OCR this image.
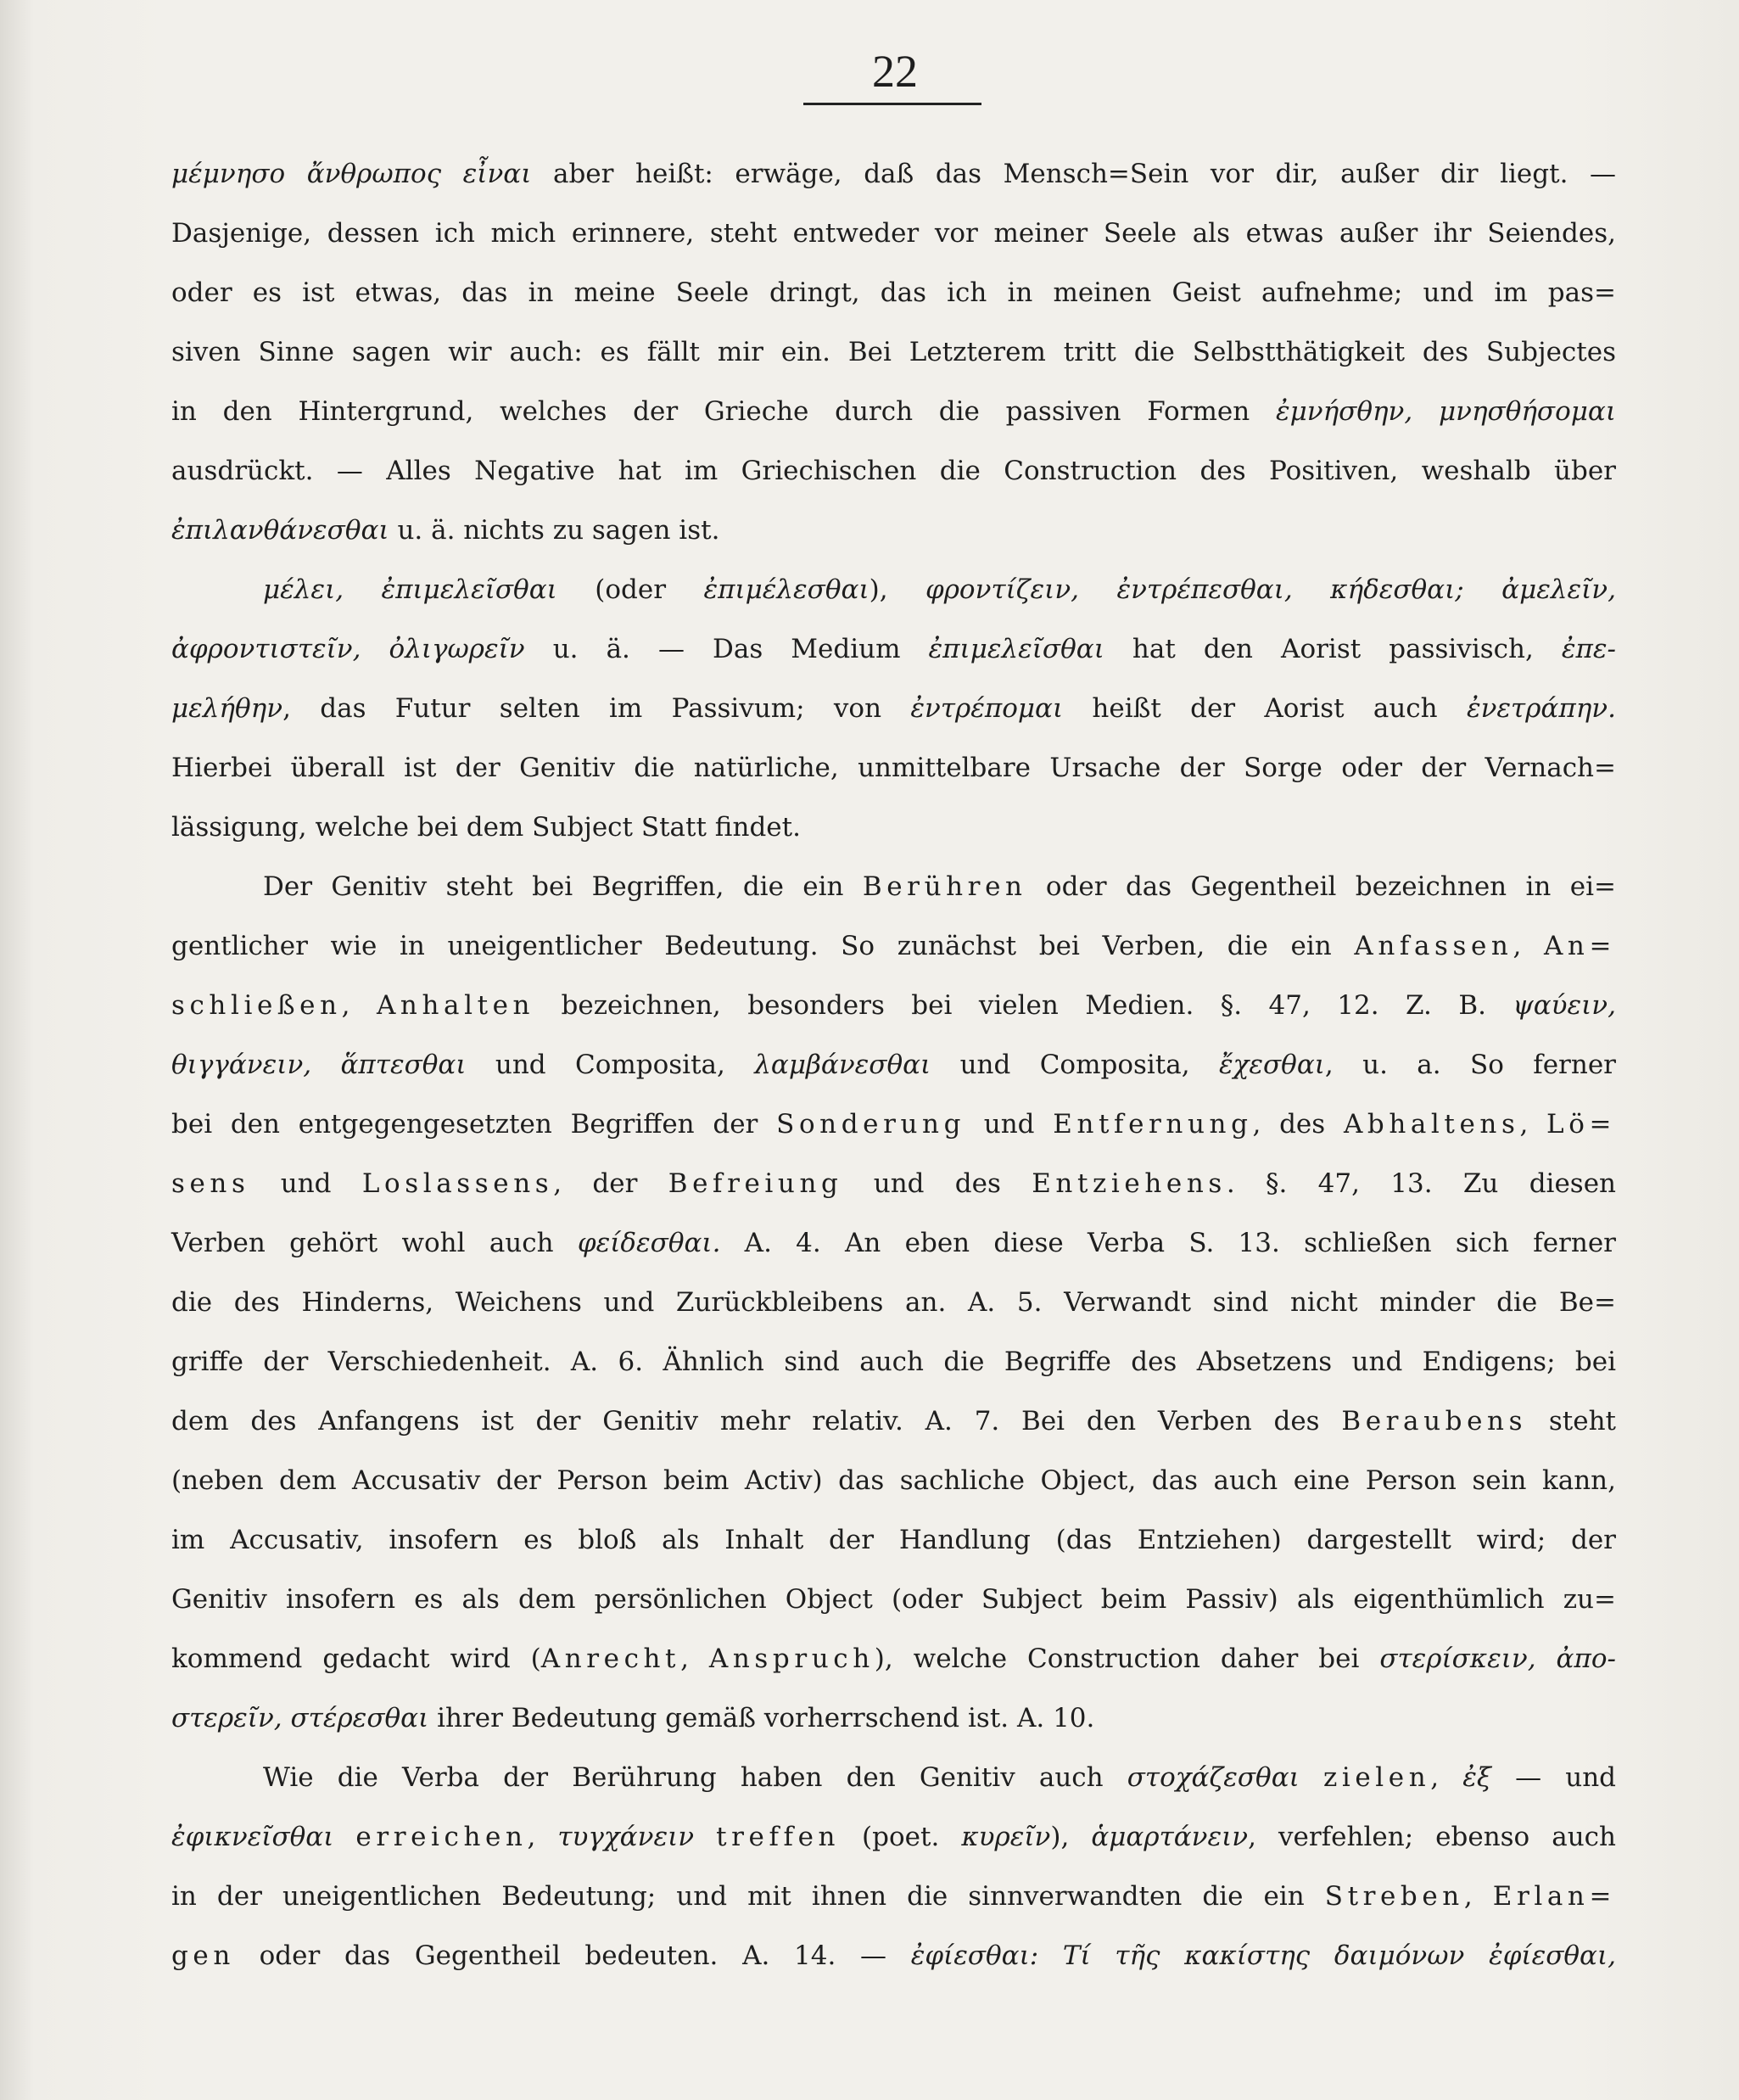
22
μέμνησο ἄνθρωπος εἶναι aber heißt: erwäge, daß das Mensch=Sein vor dir, außer dir liegt. —
Dasjenige, dessen ich mich erinnere, steht entweder vor meiner Seele als etwas außer ihr Seiendes,
oder es ist etwas, das in meine Seele dringt, das ich in meinen Geist aufnehme; und im pas=
siven Sinne sagen wir auch: es fällt mir ein. Bei Letzterem tritt die Selbstthätigkeit des Subjectes
in den Hintergrund, welches der Grieche durch die passiven Formen ἐμνήσθην, μνησθήσομαι
ausdrückt. — Alles Negative hat im Griechischen die Construction des Positiven, weshalb über
ἐπιλανθάνεσθαι u. ä. nichts zu sagen ist.
μέλει, ἐπιμελεῖσθαι (oder ἐπιμέλεσθαι), φροντίζειν, ἐντρέπεσθαι, κήδεσθαι; ἀμελεῖν,
ἀφροντιστεῖν, ὀλιγωρεῖν u. ä. — Das Medium ἐπιμελεῖσθαι hat den Aorist passivisch, ἐπε-
μελήθην, das Futur selten im Passivum; von ἐντρέπομαι heißt der Aorist auch ἐνετράπην.
Hierbei überall ist der Genitiv die natürliche, unmittelbare Ursache der Sorge oder der Vernach=
lässigung, welche bei dem Subject Statt findet.
Der Genitiv steht bei Begriffen, die ein Berühren oder das Gegentheil bezeichnen in ei=
gentlicher wie in uneigentlicher Bedeutung. So zunächst bei Verben, die ein Anfassen, An=
schließen, Anhalten bezeichnen, besonders bei vielen Medien. §. 47, 12. Z. B. ψαύειν,
θιγγάνειν, ἅπτεσθαι und Composita, λαμβάνεσθαι und Composita, ἔχεσθαι, u. a. So ferner
bei den entgegengesetzten Begriffen der Sonderung und Entfernung, des Abhaltens, Lö=
sens und Loslassens, der Befreiung und des Entziehens. §. 47, 13. Zu diesen
Verben gehört wohl auch φείδεσθαι. A. 4. An eben diese Verba S. 13. schließen sich ferner
die des Hinderns, Weichens und Zurückbleibens an. A. 5. Verwandt sind nicht minder die Be=
griffe der Verschiedenheit. A. 6. Ähnlich sind auch die Begriffe des Absetzens und Endigens; bei
dem des Anfangens ist der Genitiv mehr relativ. A. 7. Bei den Verben des Beraubens steht
(neben dem Accusativ der Person beim Activ) das sachliche Object, das auch eine Person sein kann,
im Accusativ, insofern es bloß als Inhalt der Handlung (das Entziehen) dargestellt wird; der
Genitiv insofern es als dem persönlichen Object (oder Subject beim Passiv) als eigenthümlich zu=
kommend gedacht wird (Anrecht, Anspruch), welche Construction daher bei στερίσκειν, ἀπο-
στερεῖν, στέρεσθαι ihrer Bedeutung gemäß vorherrschend ist. A. 10.
Wie die Verba der Berührung haben den Genitiv auch στοχάζεσθαι zielen, ἐξ — und
ἐφικνεῖσθαι erreichen, τυγχάνειν treffen (poet. κυρεῖν), ἁμαρτάνειν, verfehlen; ebenso auch
in der uneigentlichen Bedeutung; und mit ihnen die sinnverwandten die ein Streben, Erlan=
gen oder das Gegentheil bedeuten. A. 14. — ἐφίεσθαι: Τί τῆς κακίστης δαιμόνων ἐφίεσθαι,
